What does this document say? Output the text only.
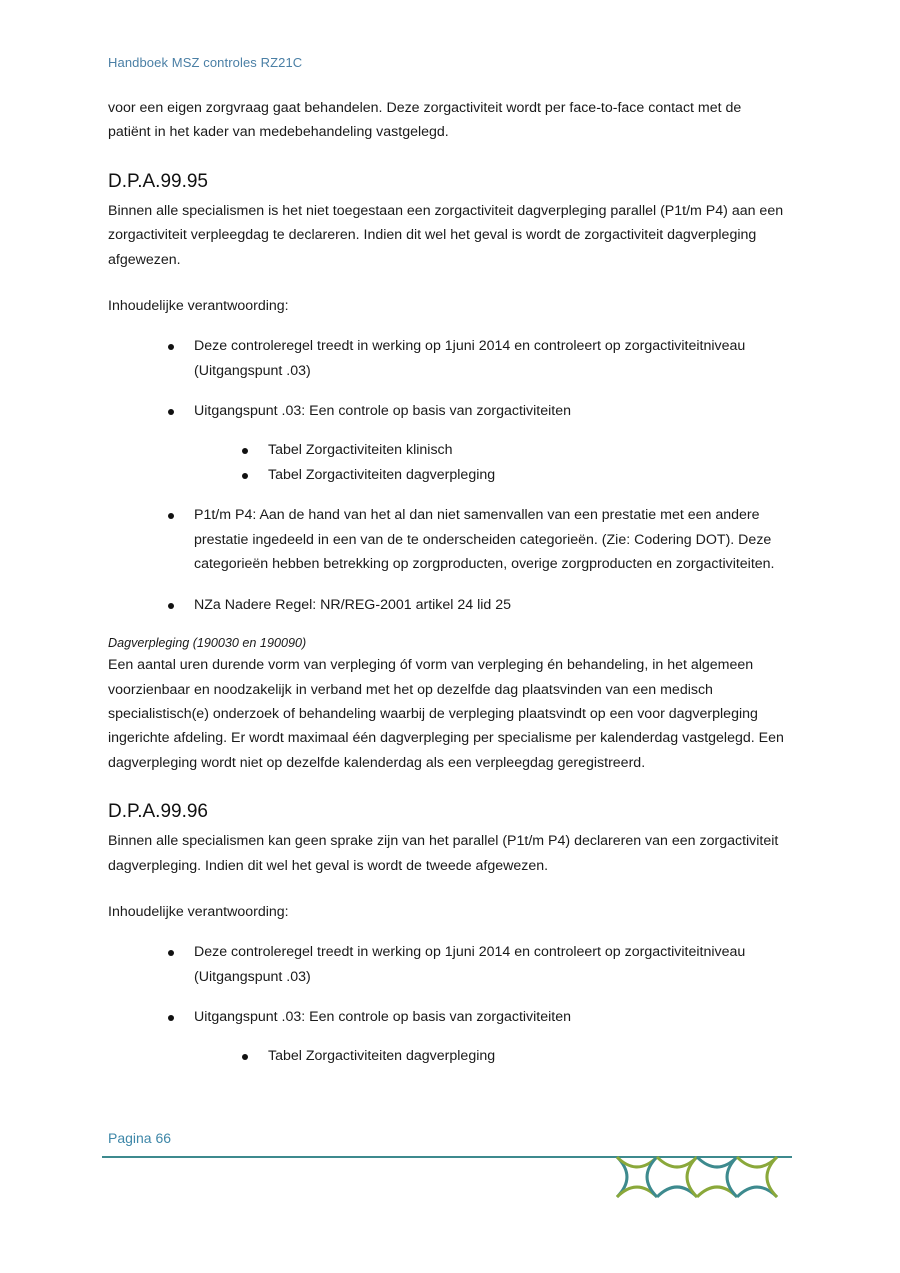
Handboek MSZ controles RZ21C

voor een eigen zorgvraag gaat behandelen. Deze zorgactiviteit wordt per face-to-face contact met de
patiënt in het kader van medebehandeling vastgelegd.

D.P.A.99.95

Binnen alle specialismen is het niet toegestaan een zorgactiviteit dagverpleging parallel (P1t/m P4) aan een zorgactiviteit verpleegdag te declareren. Indien dit wel het geval is wordt de zorgactiviteit dagverpleging afgewezen.

Inhoudelijke verantwoording:

Deze controleregel treedt in werking op 1juni 2014 en controleert op zorgactiviteitniveau (Uitgangspunt .03)
Uitgangspunt .03: Een controle op basis van zorgactiviteiten
Tabel Zorgactiviteiten klinisch
Tabel Zorgactiviteiten dagverpleging
P1t/m P4: Aan de hand van het al dan niet samenvallen van een prestatie met een andere prestatie ingedeeld in een van de te onderscheiden categorieën. (Zie: Codering DOT). Deze categorieën hebben betrekking op zorgproducten, overige zorgproducten en zorgactiviteiten.
NZa Nadere Regel: NR/REG-2001 artikel 24 lid 25
Dagverpleging (190030 en 190090)

Een aantal uren durende vorm van verpleging óf vorm van verpleging én behandeling, in het algemeen voorzienbaar en noodzakelijk in verband met het op dezelfde dag plaatsvinden van een medisch specialistisch(e) onderzoek of behandeling waarbij de verpleging plaatsvindt op een voor dagverpleging ingerichte afdeling. Er wordt maximaal één dagverpleging per specialisme per kalenderdag vastgelegd. Een dagverpleging wordt niet op dezelfde kalenderdag als een verpleegdag geregistreerd.

D.P.A.99.96

Binnen alle specialismen kan geen sprake zijn van het parallel (P1t/m P4) declareren van een zorgactiviteit dagverpleging. Indien dit wel het geval is wordt de tweede afgewezen.

Inhoudelijke verantwoording:

Deze controleregel treedt in werking op 1juni 2014 en controleert op zorgactiviteitniveau (Uitgangspunt .03)
Uitgangspunt .03: Een controle op basis van zorgactiviteiten
Tabel Zorgactiviteiten dagverpleging
Pagina 66
